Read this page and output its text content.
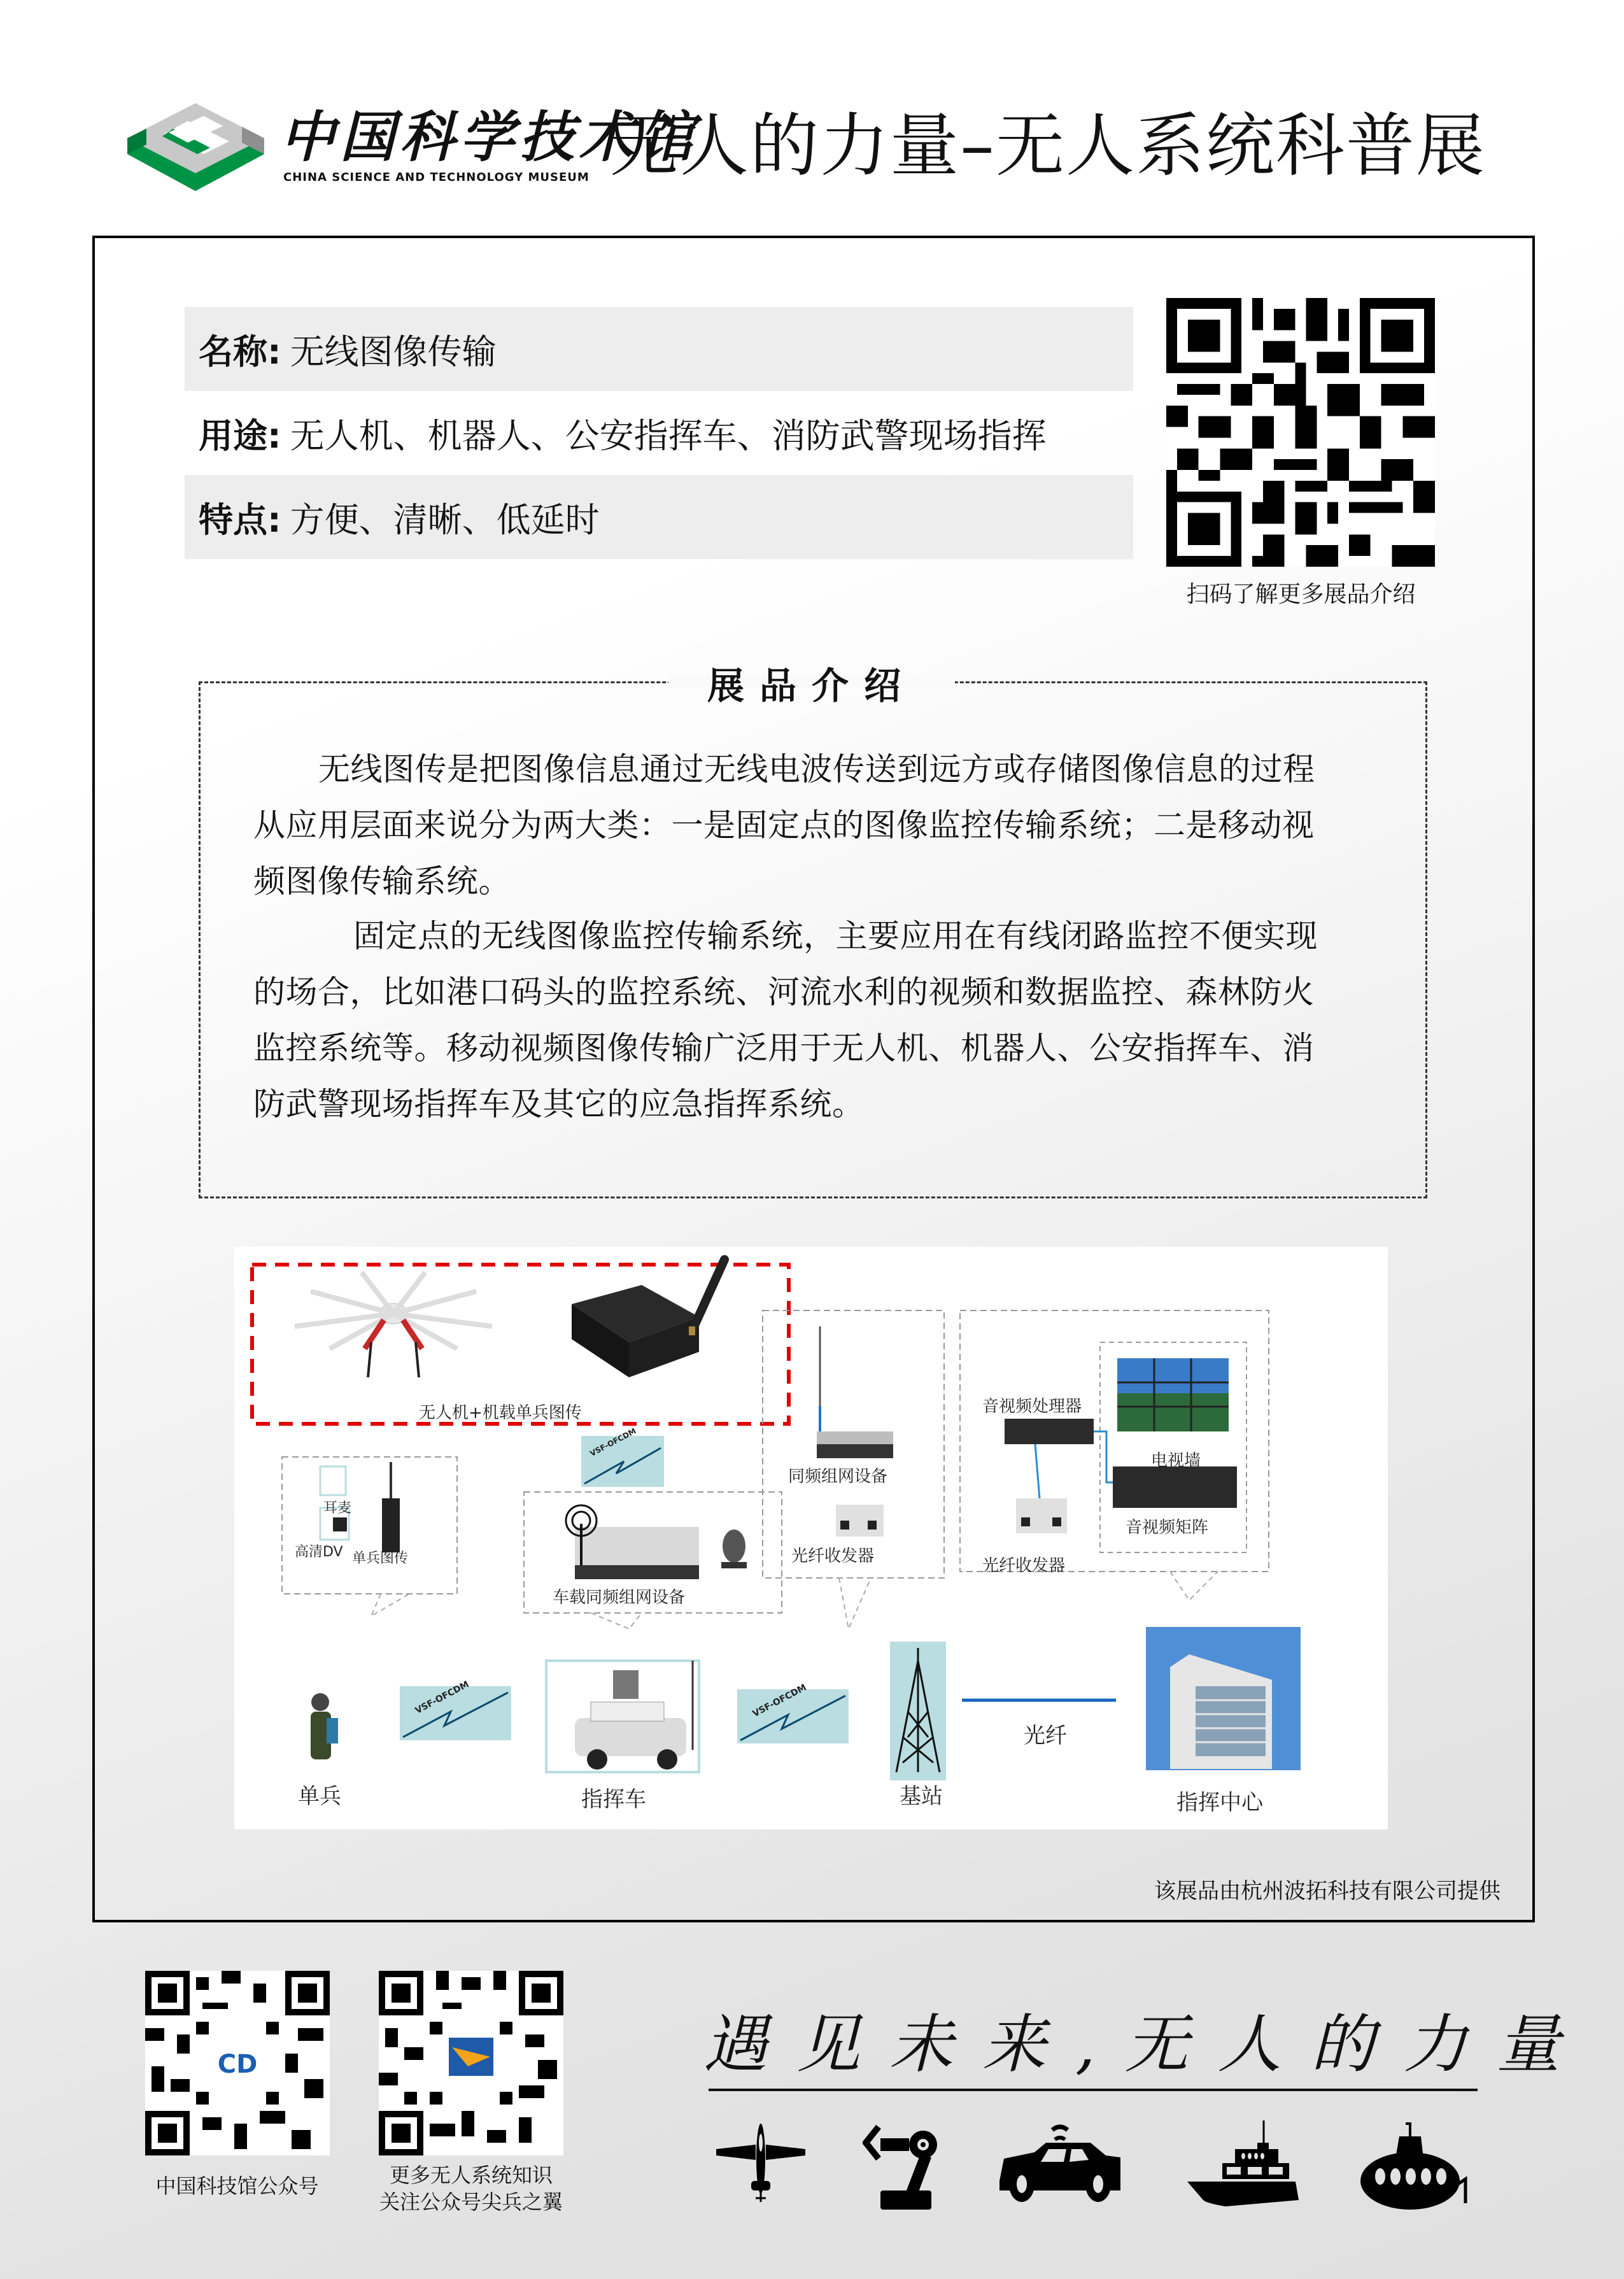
中国科学技术馆
CHINA SCIENCE AND TECHNOLOGY MUSEUM 无人的力量–无人系统科普展
名称: 无线图像传输
用途: 无人机、机器人、公安指挥车、消防武警现场指挥
特点: 方便、清晰、低延时
扫码了解更多展品介绍
展品介绍
无线图传是把图像信息通过无线电波传送到远方或存储图像信息的过程
从应用层面来说分为两大类：一是固定点的图像监控传输系统；二是移动视
频图像传输系统。
固定点的无线图像监控传输系统，主要应用在有线闭路监控不便实现
的场合，比如港口码头的监控系统、河流水利的视频和数据监控、森林防火
监控系统等。移动视频图像传输广泛用于无人机、机器人、公安指挥车、消
防武警现场指挥车及其它的应急指挥系统。
无人机+机载单兵图传
耳麦
高清DV 单兵图传
车载同频组网设备
同频组网设备
光纤收发器
音视频处理器
电视墙
音视频矩阵
光纤收发器
单兵	指挥车	基站
光纤
指挥中心
VSF-OFCDM
VSF-OFCDM	VSF-OFCDM
该展品由杭州波拓科技有限公司提供
CD
中国科技馆公众号	更多无人系统知识
关注公众号尖兵之翼
遇见未来,无人的力量
